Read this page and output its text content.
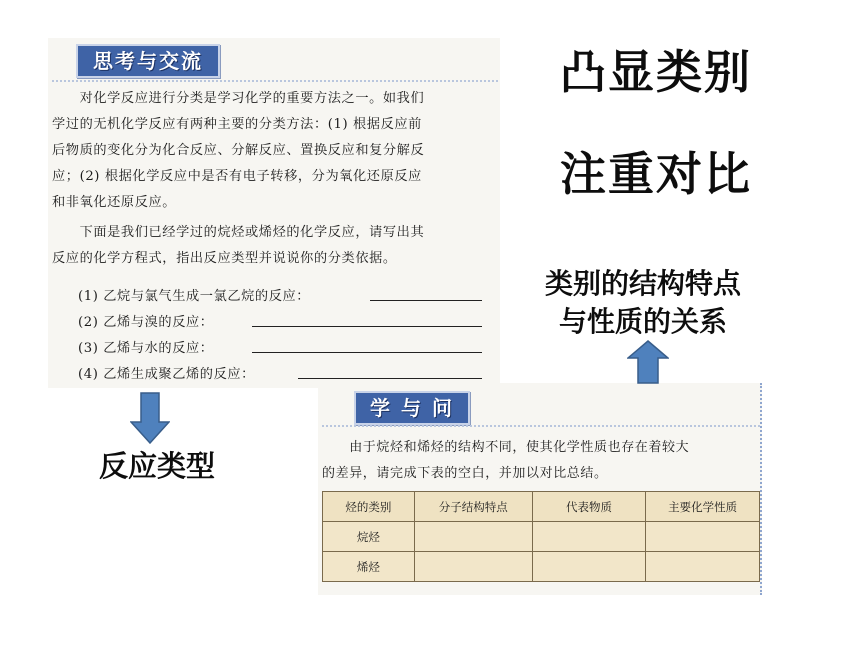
思考与交流
　　对化学反应进行分类是学习化学的重要方法之一。如我们
学过的无机化学反应有两种主要的分类方法：(1) 根据反应前
后物质的变化分为化合反应、分解反应、置换反应和复分解反
应；(2) 根据化学反应中是否有电子转移，分为氧化还原反应
和非氧化还原反应。
　　下面是我们已经学过的烷烃或烯烃的化学反应，请写出其
反应的化学方程式，指出反应类型并说说你的分类依据。
(1) 乙烷与氯气生成一氯乙烷的反应：
(2) 乙烯与溴的反应：
(3) 乙烯与水的反应：
(4) 乙烯生成聚乙烯的反应：
学 与 问
　　由于烷烃和烯烃的结构不同，使其化学性质也存在着较大
的差异，请完成下表的空白，并加以对比总结。
烃的类别	分子结构特点	代表物质	主要化学性质
烷烃			
烯烃			
凸显类别
注重对比
类别的结构特点
与性质的关系
反应类型
